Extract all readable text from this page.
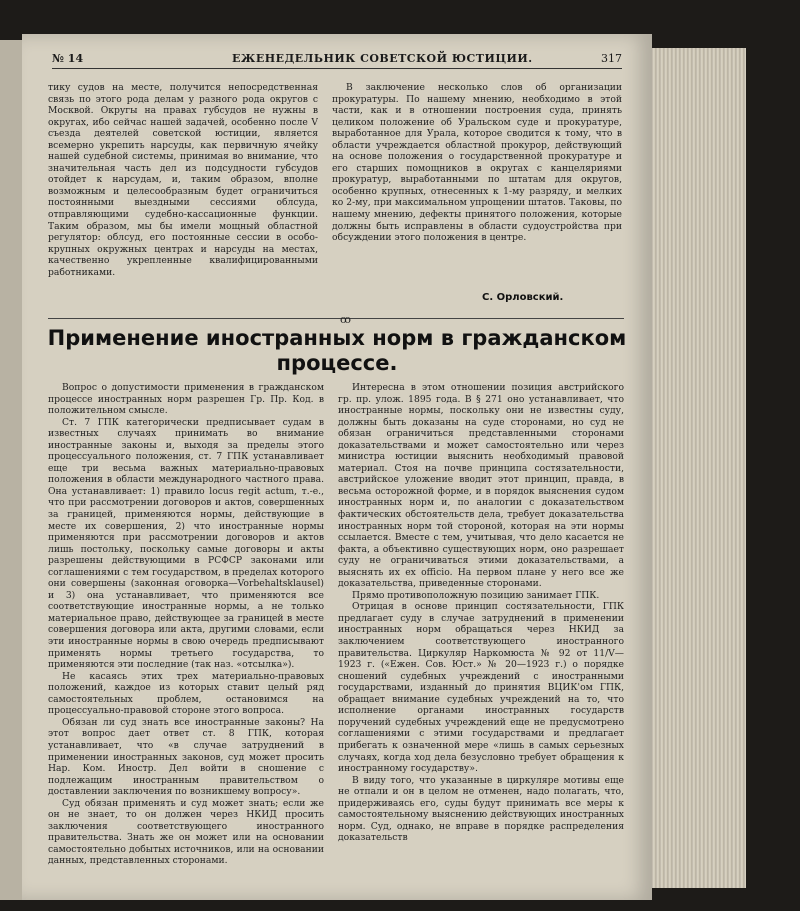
№ 14	ЕЖЕНЕДЕЛЬНИК СОВЕТСКОЙ ЮСТИЦИИ.	317

тику судов на месте, получится непосредственная связь по этого рода делам у разного рода округов с Москвой. Округы на правах губсудов не нужны в округах, ибо сейчас нашей задачей, особенно после V съезда деятелей советской юстиции, является всемерно укрепить нарсуды, как первичную ячейку нашей судебной системы, принимая во внимание, что значительная часть дел из подсудности губсудов отойдет к нарсудам, и, таким образом, вполне возможным и целесообразным будет ограничиться постоянными выездными сессиями облсуда, отправляющими судебно-кассационные функции. Таким образом, мы бы имели мощный областной регулятор: облсуд, его постоянные сессии в особо-крупных окружных центрах и нарсуды на местах, качественно укрепленные квалифицированными работниками.

В заключение несколько слов об организации прокуратуры. По нашему мнению, необходимо в этой части, как и в отношении построения суда, принять целиком положение об Уральском суде и прокуратуре, выработанное для Урала, которое сводится к тому, что в области учреждается областной прокурор, действующий на основе положения о государственной прокуратуре и его старших помощников в округах с канцеляриями прокуратур, выработанными по штатам для округов, особенно крупных, отнесенных к 1-му разряду, и мелких ко 2-му, при максимальном упрощении штатов. Таковы, по нашему мнению, дефекты принятого положения, которые должны быть исправлены в области судоустройства при обсуждении этого положения в центре.

С. Орловский.
ꝏ
Применение иностранных норм в гражданском
процессе.

Вопрос о допустимости применения в гражданском процессе иностранных норм разрешен Гр. Пр. Код. в положительном смысле.

Ст. 7 ГПК категорически предписывает судам в известных случаях принимать во внимание иностранные законы и, выходя за пределы этого процессуального положения, ст. 7 ГПК устанавливает еще три весьма важных материально-правовых положения в области международного частного права. Она устанавливает: 1) правило locus regit actum, т.-е., что при рассмотрении договоров и актов, совершенных за границей, применяются нормы, действующие в месте их совершения, 2) что иностранные нормы применяются при рассмотрении договоров и актов лишь постольку, поскольку самые договоры и акты разрешены действующими в РСФСР законами или соглашениями с тем государством, в пределах которого они совершены (законная оговорка—Vorbehaltsklausel) и 3) она устанавливает, что применяются все соответствующие иностранные нормы, а не только материальное право, действующее за границей в месте совершения договора или акта, другими словами, если эти иностранные нормы в свою очередь предписывают применять нормы третьего государства, то применяются эти последние (так наз. «отсылка»).

Не касаясь этих трех материально-правовых положений, каждое из которых ставит целый ряд самостоятельных проблем, остановимся на процессуально-правовой стороне этого вопроса.

Обязан ли суд знать все иностранные законы? На этот вопрос дает ответ ст. 8 ГПК, которая устанавливает, что «в случае затруднений в применении иностранных законов, суд может просить Нар. Ком. Иностр. Дел войти в сношение с подлежащим иностранным правительством о доставлении заключения по возникшему вопросу».

Суд обязан применять и суд может знать; если же он не знает, то он должен через НКИД просить заключения соответствующего иностранного правительства. Знать же он может или на основании самостоятельно добытых источников, или на основании данных, представленных сторонами.

Интересна в этом отношении позиция австрийского гр. пр. улож. 1895 года. В § 271 оно устанавливает, что иностранные нормы, поскольку они не известны суду, должны быть доказаны на суде сторонами, но суд не обязан ограничиться представленными сторонами доказательствами и может самостоятельно или через министра юстиции выяснить необходимый правовой материал. Стоя на почве принципа состязательности, австрийское уложение вводит этот принцип, правда, в весьма осторожной форме, и в порядок выяснения судом иностранных норм и, по аналогии с доказательством фактических обстоятельств дела, требует доказательства иностранных норм той стороной, которая на эти нормы ссылается. Вместе с тем, учитывая, что дело касается не факта, а объективно существующих норм, оно разрешает суду не ограничиваться этими доказательствами, а выяснять их ex officio. На первом плане у него все же доказательства, приведенные сторонами.

Прямо противоположную позицию занимает ГПК.

Отрицая в основе принцип состязательности, ГПК предлагает суду в случае затруднений в применении иностранных норм обращаться через НКИД за заключением соответствующего иностранного правительства. Циркуляр Наркомюста № 92 от 11/V—1923 г. («Ежен. Сов. Юст.» № 20—1923 г.) о порядке сношений судебных учреждений с иностранными государствами, изданный до принятия ВЦИК'ом ГПК, обращает внимание судебных учреждений на то, что исполнение органами иностранных государств поручений судебных учреждений еще не предусмотрено соглашениями с этими государствами и предлагает прибегать к означенной мере «лишь в самых серьезных случаях, когда ход дела безусловно требует обращения к иностранному государству».

В виду того, что указанные в циркуляре мотивы еще не отпали и он в целом не отменен, надо полагать, что, придерживаясь его, суды будут принимать все меры к самостоятельному выяснению действующих иностранных норм. Суд, однако, не вправе в порядке распределения доказательств
